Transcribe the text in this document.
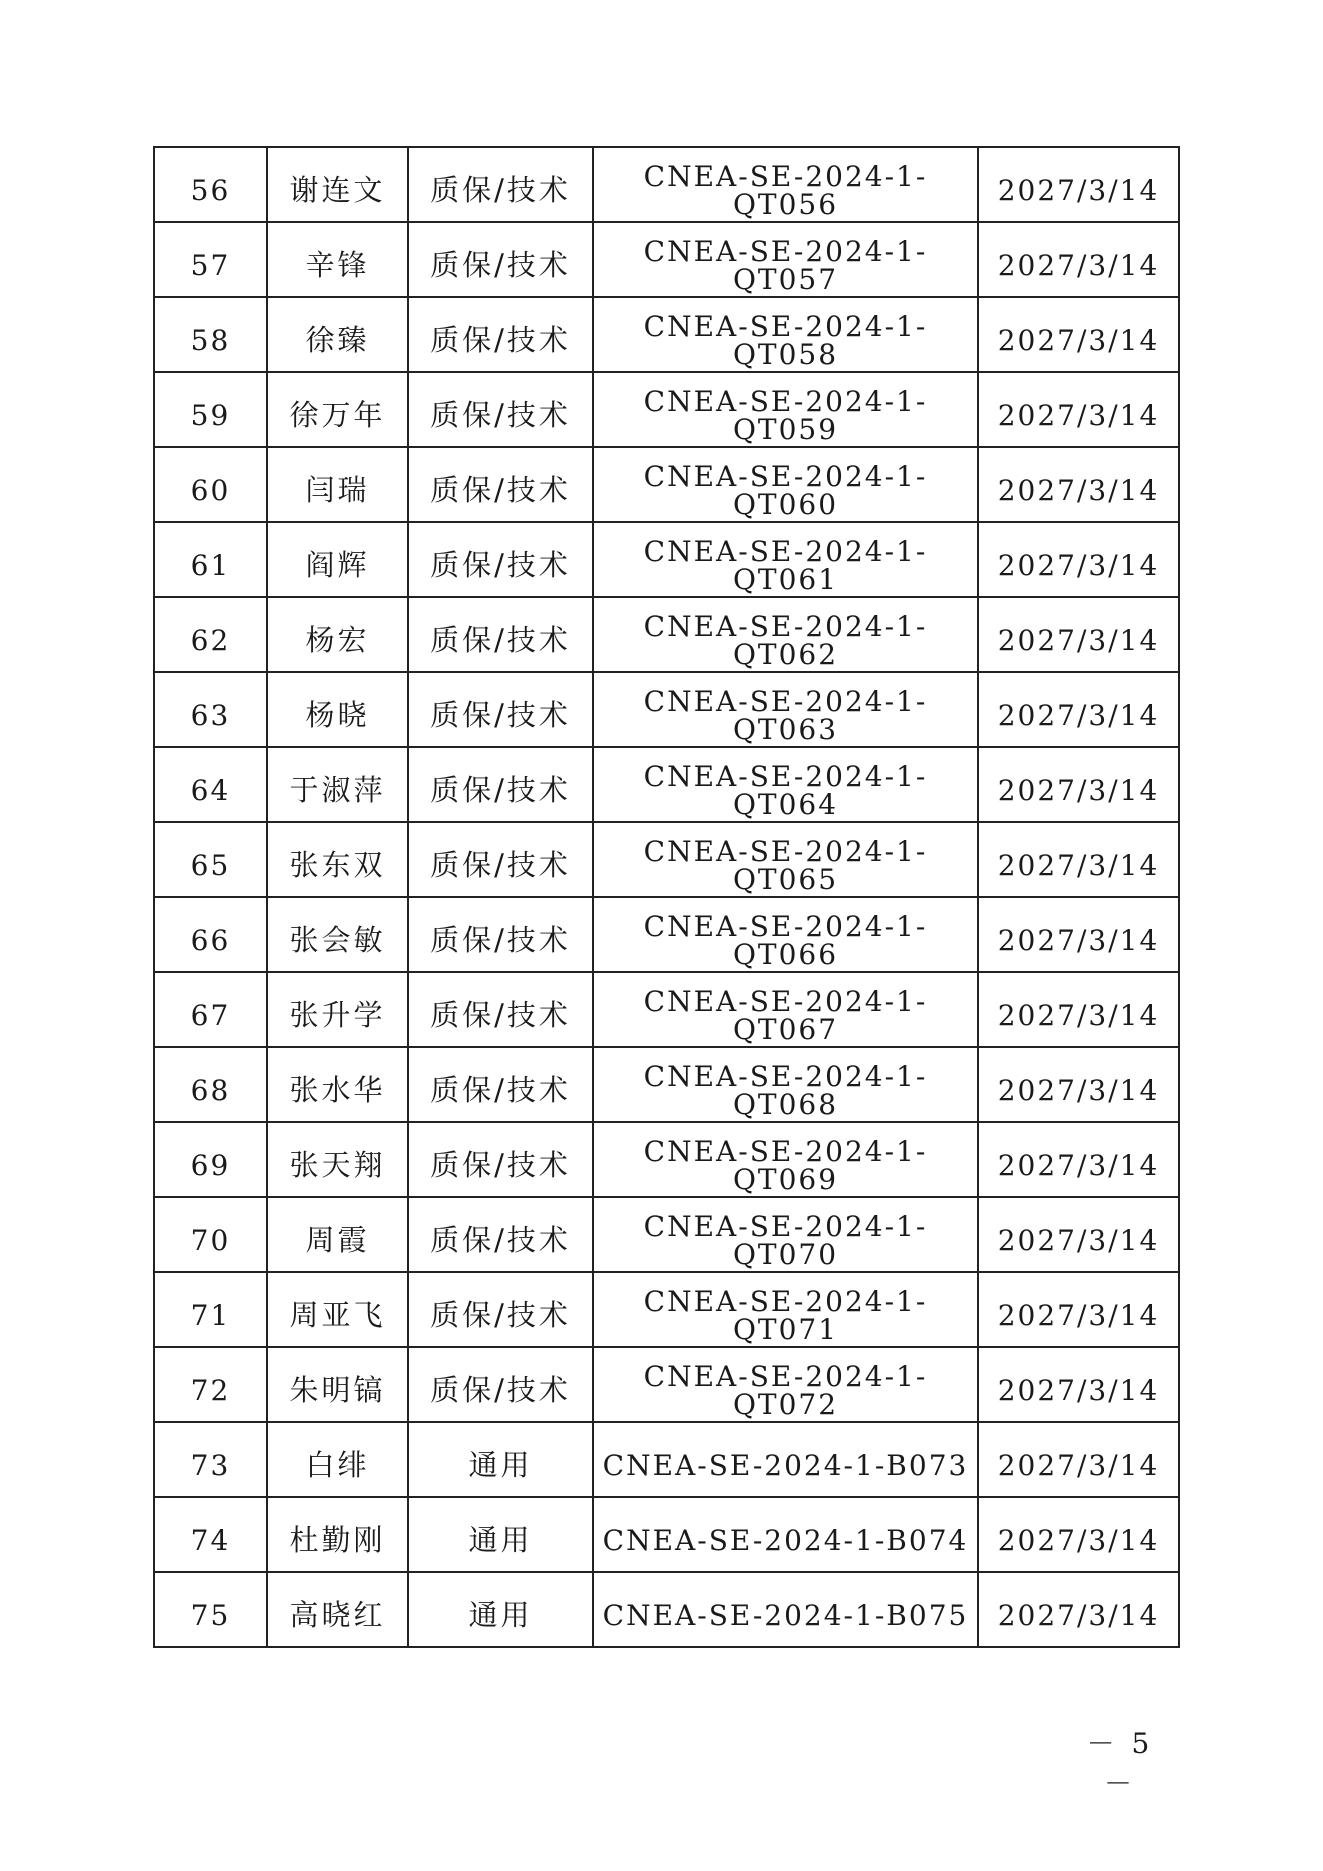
56	谢连文	质保/技术	CNEA-SE-2024-1-QT056	2027/3/14
57	辛锋	质保/技术	CNEA-SE-2024-1-QT057	2027/3/14
58	徐臻	质保/技术	CNEA-SE-2024-1-QT058	2027/3/14
59	徐万年	质保/技术	CNEA-SE-2024-1-QT059	2027/3/14
60	闫瑞	质保/技术	CNEA-SE-2024-1-QT060	2027/3/14
61	阎辉	质保/技术	CNEA-SE-2024-1-QT061	2027/3/14
62	杨宏	质保/技术	CNEA-SE-2024-1-QT062	2027/3/14
63	杨晓	质保/技术	CNEA-SE-2024-1-QT063	2027/3/14
64	于淑萍	质保/技术	CNEA-SE-2024-1-QT064	2027/3/14
65	张东双	质保/技术	CNEA-SE-2024-1-QT065	2027/3/14
66	张会敏	质保/技术	CNEA-SE-2024-1-QT066	2027/3/14
67	张升学	质保/技术	CNEA-SE-2024-1-QT067	2027/3/14
68	张水华	质保/技术	CNEA-SE-2024-1-QT068	2027/3/14
69	张天翔	质保/技术	CNEA-SE-2024-1-QT069	2027/3/14
70	周霞	质保/技术	CNEA-SE-2024-1-QT070	2027/3/14
71	周亚飞	质保/技术	CNEA-SE-2024-1-QT071	2027/3/14
72	朱明镐	质保/技术	CNEA-SE-2024-1-QT072	2027/3/14
73	白绯	通用	CNEA-SE-2024-1-B073	2027/3/14
74	杜勤刚	通用	CNEA-SE-2024-1-B074	2027/3/14
75	高晓红	通用	CNEA-SE-2024-1-B075	2027/3/14
－ 5 －
